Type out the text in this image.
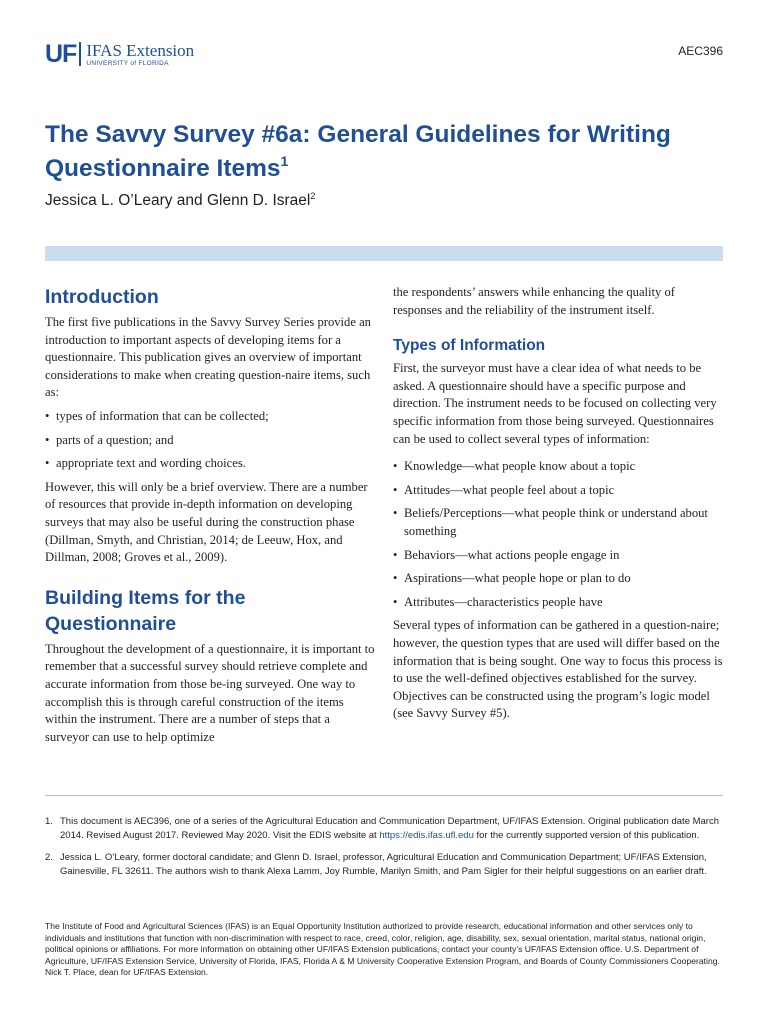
UF IFAS Extension
UNIVERSITY of FLORIDA
AEC396
The Savvy Survey #6a: General Guidelines for Writing Questionnaire Items$^1$
Jessica L. O’Leary and Glenn D. Israel$^2$
Introduction

The first five publications in the Savvy Survey Series provide an introduction to important aspects of developing items for a questionnaire. This publication gives an overview of important considerations to make when creating question-naire items, such as:

• types of information that can be collected;
• parts of a question; and
• appropriate text and wording choices.

However, this will only be a brief overview. There are a number of resources that provide in-depth information on developing surveys that may also be useful during the construction phase (Dillman, Smyth, and Christian, 2014; de Leeuw, Hox, and Dillman, 2008; Groves et al., 2009).

Building Items for the
Questionnaire

Throughout the development of a questionnaire, it is important to remember that a successful survey should retrieve complete and accurate information from those be-ing surveyed. One way to accomplish this is through careful construction of the items within the instrument. There are a number of steps that a surveyor can use to help optimize

the respondents’ answers while enhancing the quality of responses and the reliability of the instrument itself.

Types of Information

First, the surveyor must have a clear idea of what needs to be asked. A questionnaire should have a specific purpose and direction. The instrument needs to be focused on collecting very specific information from those being surveyed. Questionnaires can be used to collect several types of information:

• Knowledge—what people know about a topic
• Attitudes—what people feel about a topic
• Beliefs/Perceptions—what people think or understand about something
• Behaviors—what actions people engage in
• Aspirations—what people hope or plan to do
• Attributes—characteristics people have

Several types of information can be gathered in a question-naire; however, the question types that are used will differ based on the information that is being sought. One way to focus this process is to use the well-defined objectives established for the survey. Objectives can be constructed using the program’s logic model (see Savvy Survey #5).

1. This document is AEC396, one of a series of the Agricultural Education and Communication Department, UF/IFAS Extension. Original publication date March 2014. Revised August 2017. Reviewed May 2020. Visit the EDIS website at https://edis.ifas.ufl.edu for the currently supported version of this publication.
2. Jessica L. O’Leary, former doctoral candidate; and Glenn D. Israel, professor, Agricultural Education and Communication Department; UF/IFAS Extension, Gainesville, FL 32611. The authors wish to thank Alexa Lamm, Joy Rumble, Marilyn Smith, and Pam Sigler for their helpful suggestions on an earlier draft.
The Institute of Food and Agricultural Sciences (IFAS) is an Equal Opportunity Institution authorized to provide research, educational information and other services only to individuals and institutions that function with non-discrimination with respect to race, creed, color, religion, age, disability, sex, sexual orientation, marital status, national origin, political opinions or affiliations. For more information on obtaining other UF/IFAS Extension publications, contact your county’s UF/IFAS Extension office. U.S. Department of Agriculture, UF/IFAS Extension Service, University of Florida, IFAS, Florida A & M University Cooperative Extension Program, and Boards of County Commissioners Cooperating. Nick T. Place, dean for UF/IFAS Extension.
